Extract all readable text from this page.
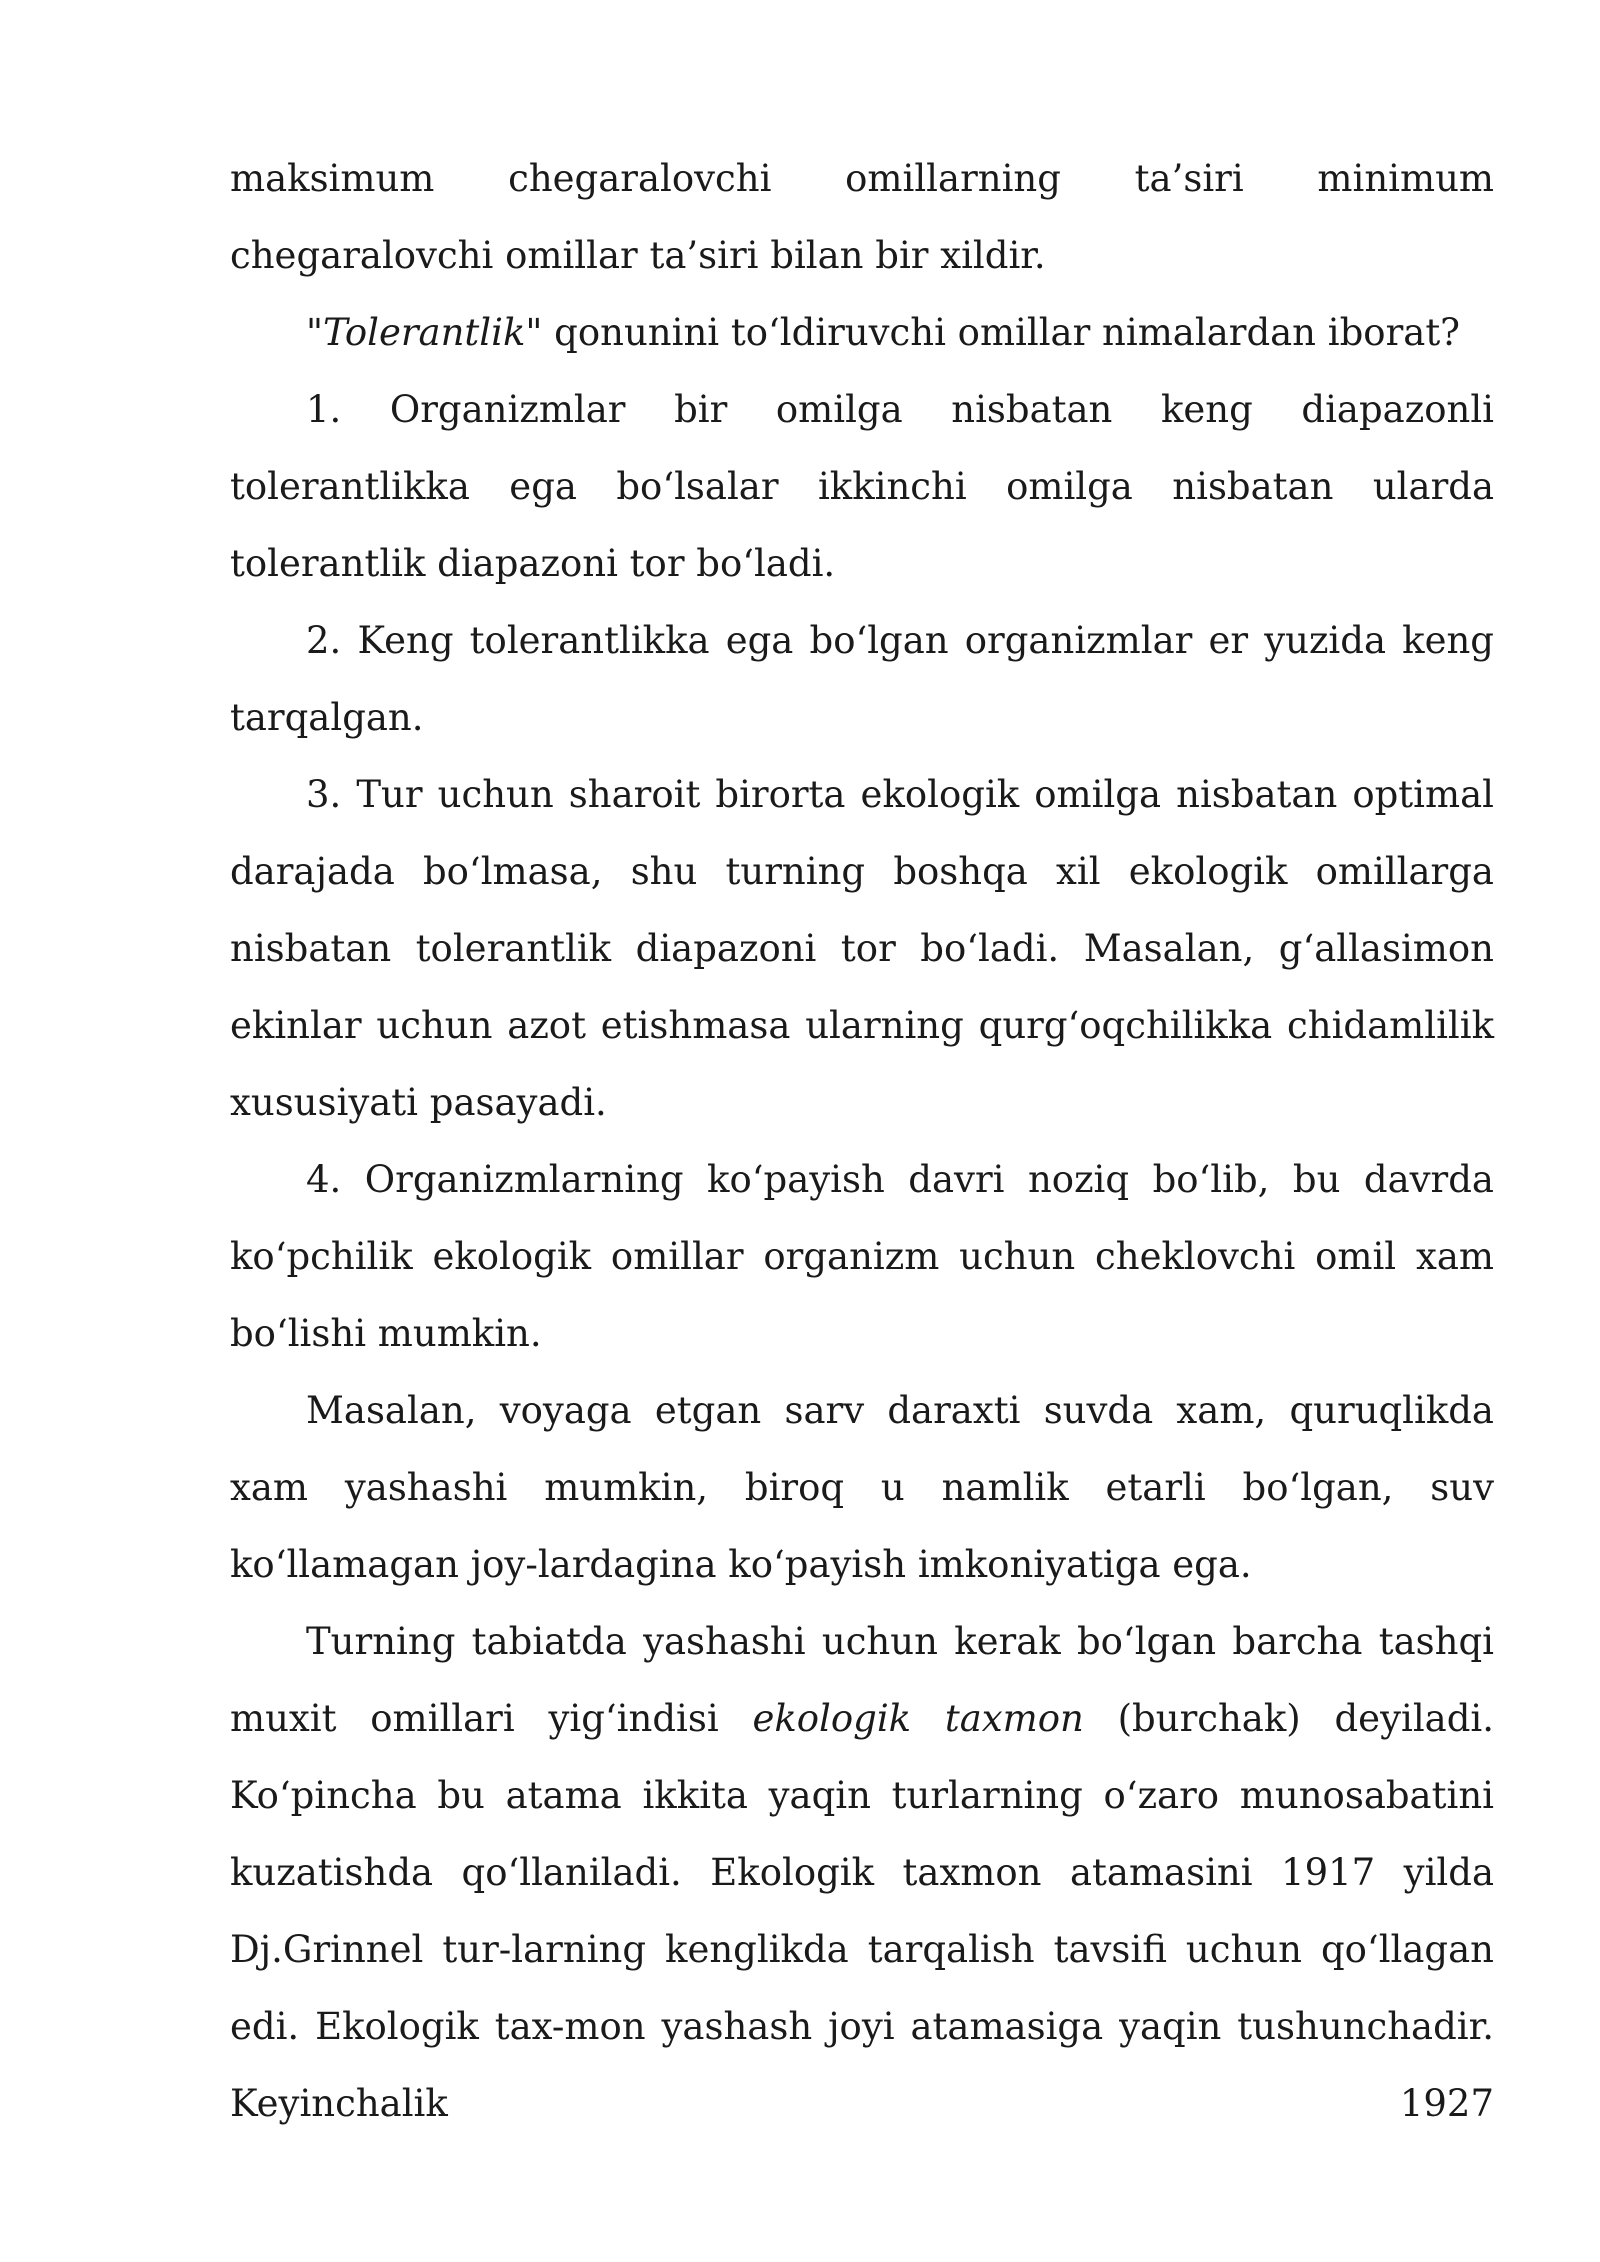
maksimum chegaralovchi omillarning ta’siri minimum chegaralovchi omillar ta’siri bilan bir xildir.

"Tolerantlik" qonunini to‘ldiruvchi omillar nimalardan iborat?

1. Organizmlar bir omilga nisbatan keng diapazonli tolerantlikka ega bo‘lsalar ikkinchi omilga nisbatan ularda tolerantlik diapazoni tor bo‘ladi.

2. Keng tolerantlikka ega bo‘lgan organizmlar er yuzida keng tarqalgan.

3. Tur uchun sharoit birorta ekologik omilga nisbatan optimal darajada bo‘lmasa, shu turning boshqa xil ekologik omillarga nisbatan tolerantlik diapazoni tor bo‘ladi. Masalan, g‘allasimon ekinlar uchun azot etishmasa ularning qurg‘oqchilikka chidamlilik xususiyati pasayadi.

4. Organizmlarning ko‘payish davri noziq bo‘lib, bu davrda ko‘pchilik ekologik omillar organizm uchun cheklovchi omil xam bo‘lishi mumkin.

Masalan, voyaga etgan sarv daraxti suvda xam, quruqlikda xam yashashi mumkin, biroq u namlik etarli bo‘lgan, suv ko‘llamagan joy-lardagina ko‘payish imkoniyatiga ega.

Turning tabiatda yashashi uchun kerak bo‘lgan barcha tashqi muxit omillari yig‘indisi ekologik taxmon (burchak) deyiladi. Ko‘pincha bu atama ikkita yaqin turlarning o‘zaro munosabatini kuzatishda qo‘llaniladi. Ekologik taxmon atamasini 1917 yilda Dj.Grinnel tur-larning kenglikda tarqalish tavsifi uchun qo‘llagan edi. Ekologik tax-mon yashash joyi atamasiga yaqin tushunchadir. Keyinchalik 1927
